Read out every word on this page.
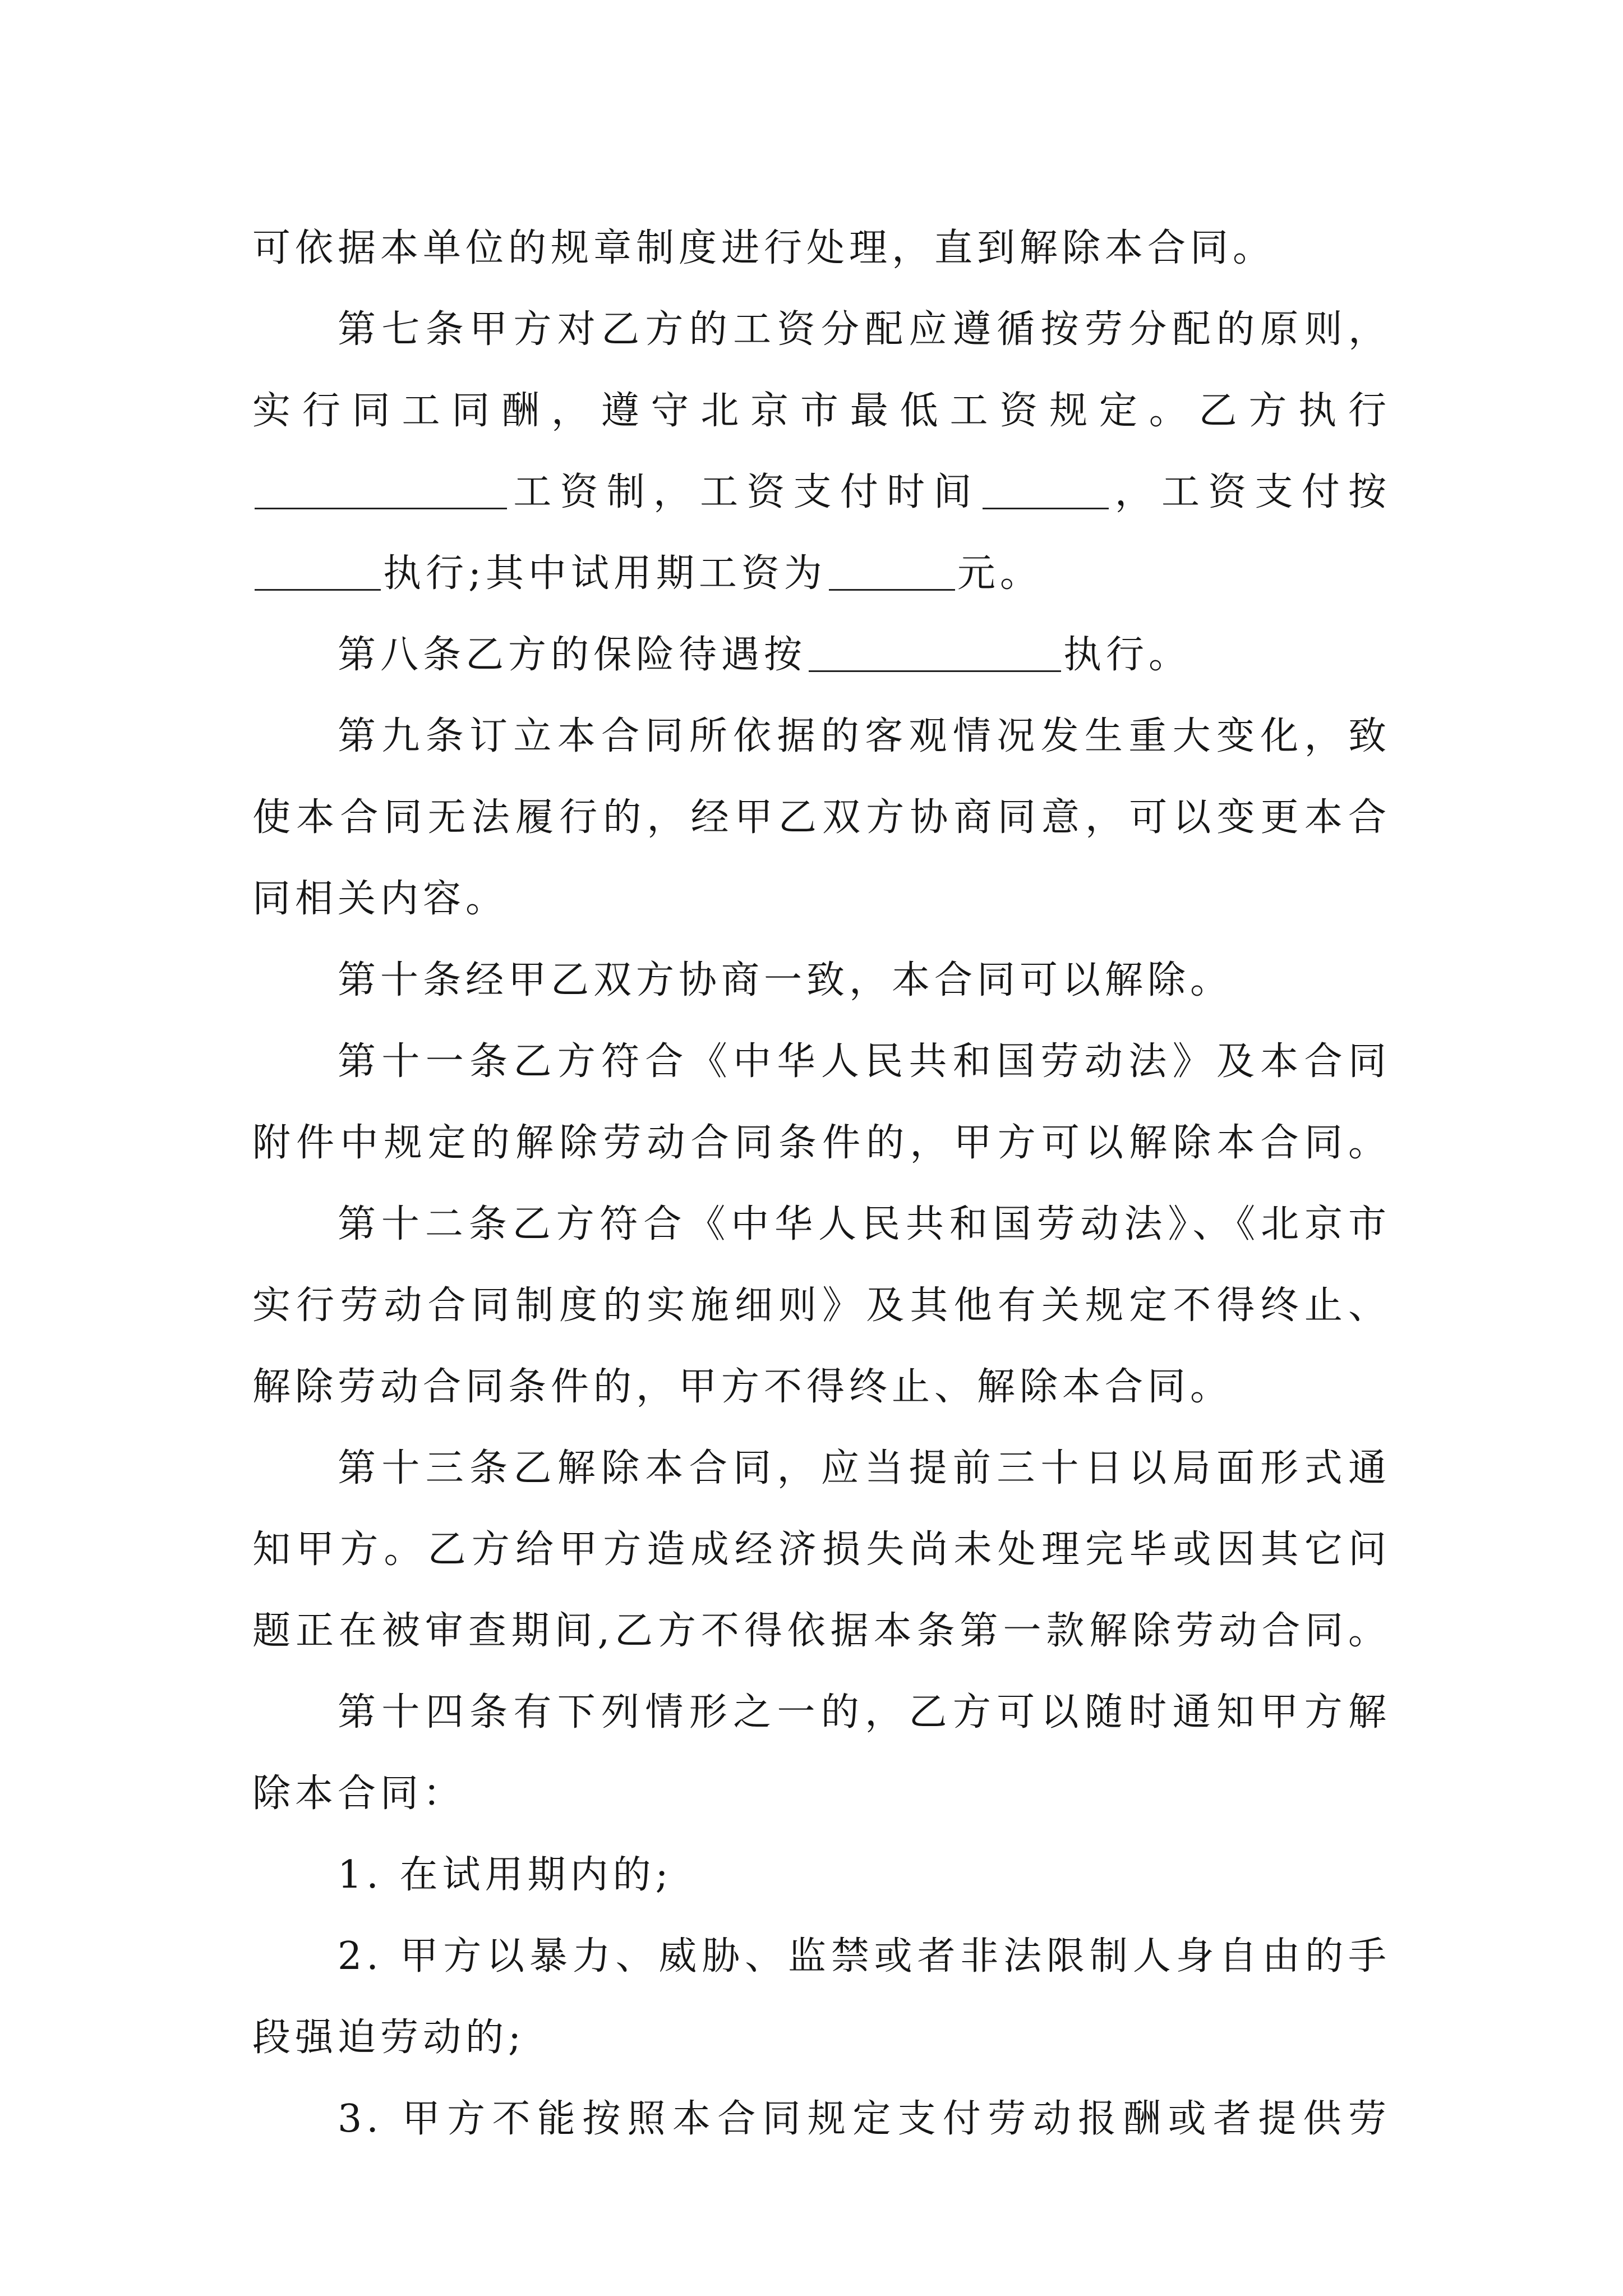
可依据本单位的规章制度进行处理，直到解除本合同。
第七条甲方对乙方的工资分配应遵循按劳分配的原则，
实行同工同酬，遵守北京市最低工资规定。乙方执行
工资制，工资支付时间	，工资支付按
执行;其中试用期工资为	元。
第八条乙方的保险待遇按	执行。
第九条订立本合同所依据的客观情况发生重大变化，致
使本合同无法履行的，经甲乙双方协商同意，可以变更本合
同相关内容。
第十条经甲乙双方协商一致，本合同可以解除。
第十一条乙方符合《中华人民共和国劳动法》及本合同
附件中规定的解除劳动合同条件的，甲方可以解除本合同。
第十二条乙方符合《中华人民共和国劳动法》、《北京市
实行劳动合同制度的实施细则》及其他有关规定不得终止、
解除劳动合同条件的，甲方不得终止、解除本合同。
第十三条乙解除本合同，应当提前三十日以局面形式通
知甲方。乙方给甲方造成经济损失尚未处理完毕或因其它问
题正在被审查期间,乙方不得依据本条第一款解除劳动合同。
第十四条有下列情形之一的，乙方可以随时通知甲方解
除本合同：
1. 在试用期内的;
2. 甲方以暴力、威胁、监禁或者非法限制人身自由的手
段强迫劳动的;
3. 甲方不能按照本合同规定支付劳动报酬或者提供劳
